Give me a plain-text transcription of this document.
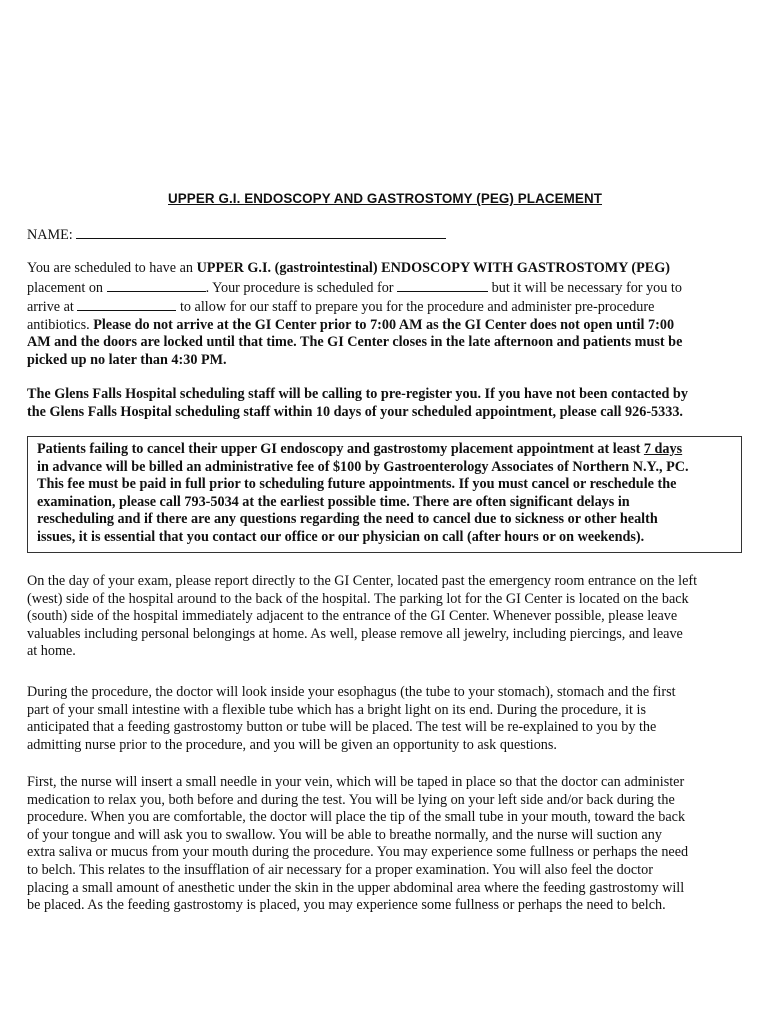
UPPER G.I. ENDOSCOPY AND GASTROSTOMY (PEG) PLACEMENT
NAME:
You are scheduled to have an UPPER G.I. (gastrointestinal) ENDOSCOPY WITH GASTROSTOMY (PEG)
placement on	. Your procedure is scheduled for	but it will be necessary for you to
arrive at	to allow for our staff to prepare you for the procedure and administer pre-procedure
antibiotics. Please do not arrive at the GI Center prior to 7:00 AM as the GI Center does not open until 7:00
AM and the doors are locked until that time. The GI Center closes in the late afternoon and patients must be
picked up no later than 4:30 PM.
The Glens Falls Hospital scheduling staff will be calling to pre-register you. If you have not been contacted by
the Glens Falls Hospital scheduling staff within 10 days of your scheduled appointment, please call 926-5333.
Patients failing to cancel their upper GI endoscopy and gastrostomy placement appointment at least 7 days
in advance will be billed an administrative fee of $100 by Gastroenterology Associates of Northern N.Y., PC.
This fee must be paid in full prior to scheduling future appointments. If you must cancel or reschedule the
examination, please call 793-5034 at the earliest possible time. There are often significant delays in
rescheduling and if there are any questions regarding the need to cancel due to sickness or other health
issues, it is essential that you contact our office or our physician on call (after hours or on weekends).
On the day of your exam, please report directly to the GI Center, located past the emergency room entrance on the left
(west) side of the hospital around to the back of the hospital. The parking lot for the GI Center is located on the back
(south) side of the hospital immediately adjacent to the entrance of the GI Center. Whenever possible, please leave
valuables including personal belongings at home. As well, please remove all jewelry, including piercings, and leave
at home.
During the procedure, the doctor will look inside your esophagus (the tube to your stomach), stomach and the first
part of your small intestine with a flexible tube which has a bright light on its end. During the procedure, it is
anticipated that a feeding gastrostomy button or tube will be placed. The test will be re-explained to you by the
admitting nurse prior to the procedure, and you will be given an opportunity to ask questions.
First, the nurse will insert a small needle in your vein, which will be taped in place so that the doctor can administer
medication to relax you, both before and during the test. You will be lying on your left side and/or back during the
procedure. When you are comfortable, the doctor will place the tip of the small tube in your mouth, toward the back
of your tongue and will ask you to swallow. You will be able to breathe normally, and the nurse will suction any
extra saliva or mucus from your mouth during the procedure. You may experience some fullness or perhaps the need
to belch. This relates to the insufflation of air necessary for a proper examination. You will also feel the doctor
placing a small amount of anesthetic under the skin in the upper abdominal area where the feeding gastrostomy will
be placed. As the feeding gastrostomy is placed, you may experience some fullness or perhaps the need to belch.
